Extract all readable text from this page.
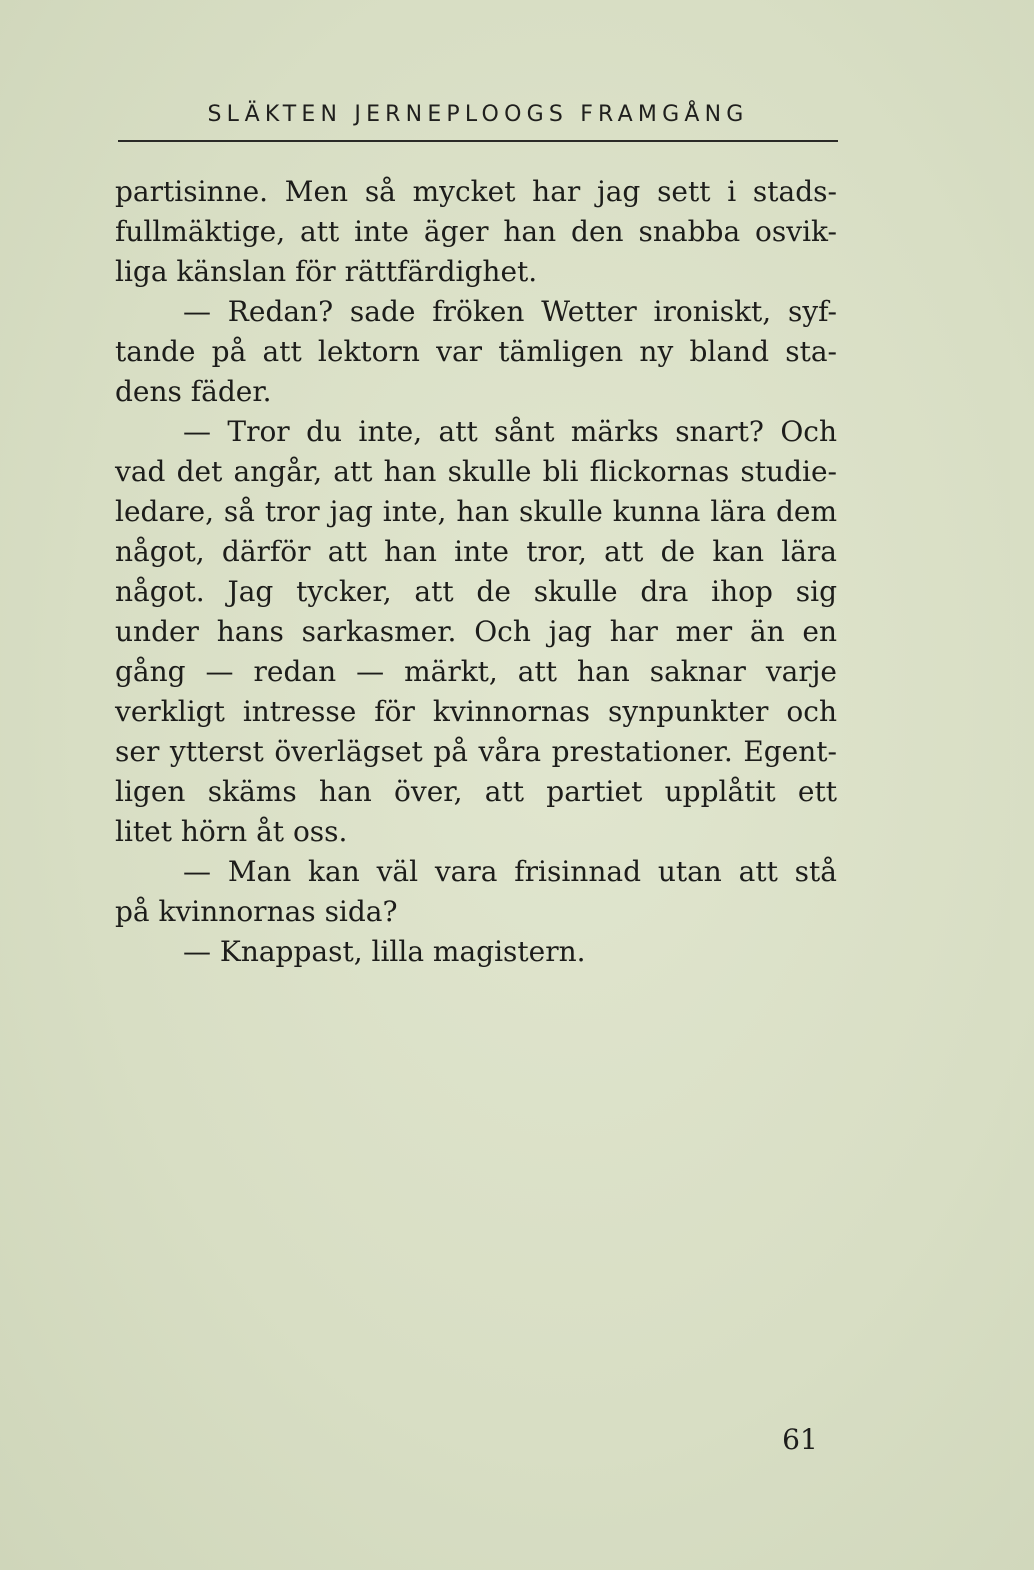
SLÄKTEN JERNEPLOOGS FRAMGÅNG
partisinne. Men så mycket har jag sett i stads-
fullmäktige, att inte äger han den snabba osvik-
liga känslan för rättfärdighet.
— Redan? sade fröken Wetter ironiskt, syf-
tande på att lektorn var tämligen ny bland sta-
dens fäder.
— Tror du inte, att sånt märks snart? Och
vad det angår, att han skulle bli flickornas studie-
ledare, så tror jag inte, han skulle kunna lära dem
något, därför att han inte tror, att de kan lära
något. Jag tycker, att de skulle dra ihop sig
under hans sarkasmer. Och jag har mer än en
gång — redan — märkt, att han saknar varje
verkligt intresse för kvinnornas synpunkter och
ser ytterst överlägset på våra prestationer. Egent-
ligen skäms han över, att partiet upplåtit ett
litet hörn åt oss.
— Man kan väl vara frisinnad utan att stå
på kvinnornas sida?
— Knappast, lilla magistern.
61
